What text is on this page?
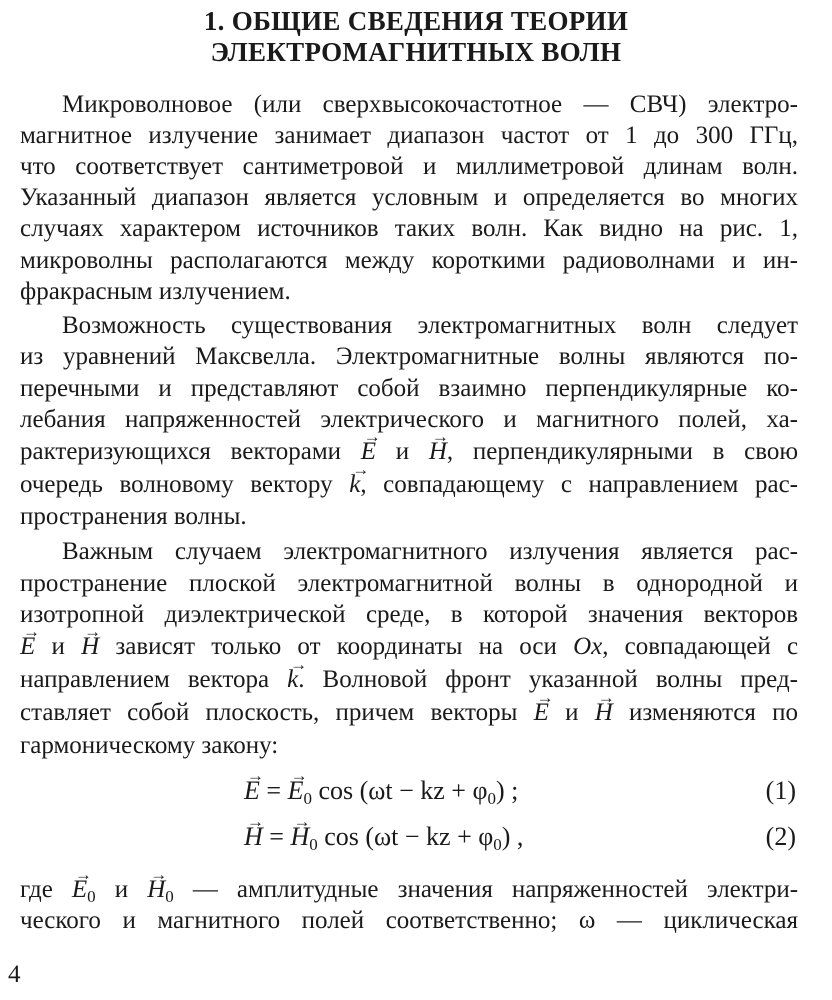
1. ОБЩИЕ СВЕДЕНИЯ ТЕОРИИ
ЭЛЕКТРОМАГНИТНЫХ ВОЛН
Микроволновое (или сверхвысокочастотное — СВЧ) электро-
магнитное излучение занимает диапазон частот от 1 до 300 ГГц,
что соответствует сантиметровой и миллиметровой длинам волн.
Указанный диапазон является условным и определяется во многих
случаях характером источников таких волн. Как видно на рис. 1,
микроволны располагаются между короткими радиоволнами и ин-
фракрасным излучением.
Возможность существования электромагнитных волн следует
из уравнений Максвелла. Электромагнитные волны являются по-
перечными и представляют собой взаимно перпендикулярные ко-
лебания напряженностей электрического и магнитного полей, ха-
рактеризующихся векторами → E и → H, перпендикулярными в свою
очередь волновому вектору → k, совпадающему с направлением рас-
пространения волны.
Важным случаем электромагнитного излучения является рас-
пространение плоской электромагнитной волны в однородной и
изотропной диэлектрической среде, в которой значения векторов
→ E и → H зависят только от координаты на оси Ox, совпадающей с
направлением вектора → k. Волновой фронт указанной волны пред-
ставляет собой плоскость, причем векторы → E и → H изменяются по
гармоническому закону:
→ E = → $E_0$ cos (ωt − kz + $\varphi_0$) ;	(1)
→ H = → $H_0$ cos (ωt − kz + $\varphi_0$) ,	(2)
где → $E_0$ $и \to H_0$ — амплитудные значения напряженностей электри-
ческого и магнитного полей соответственно; ω — циклическая
4
